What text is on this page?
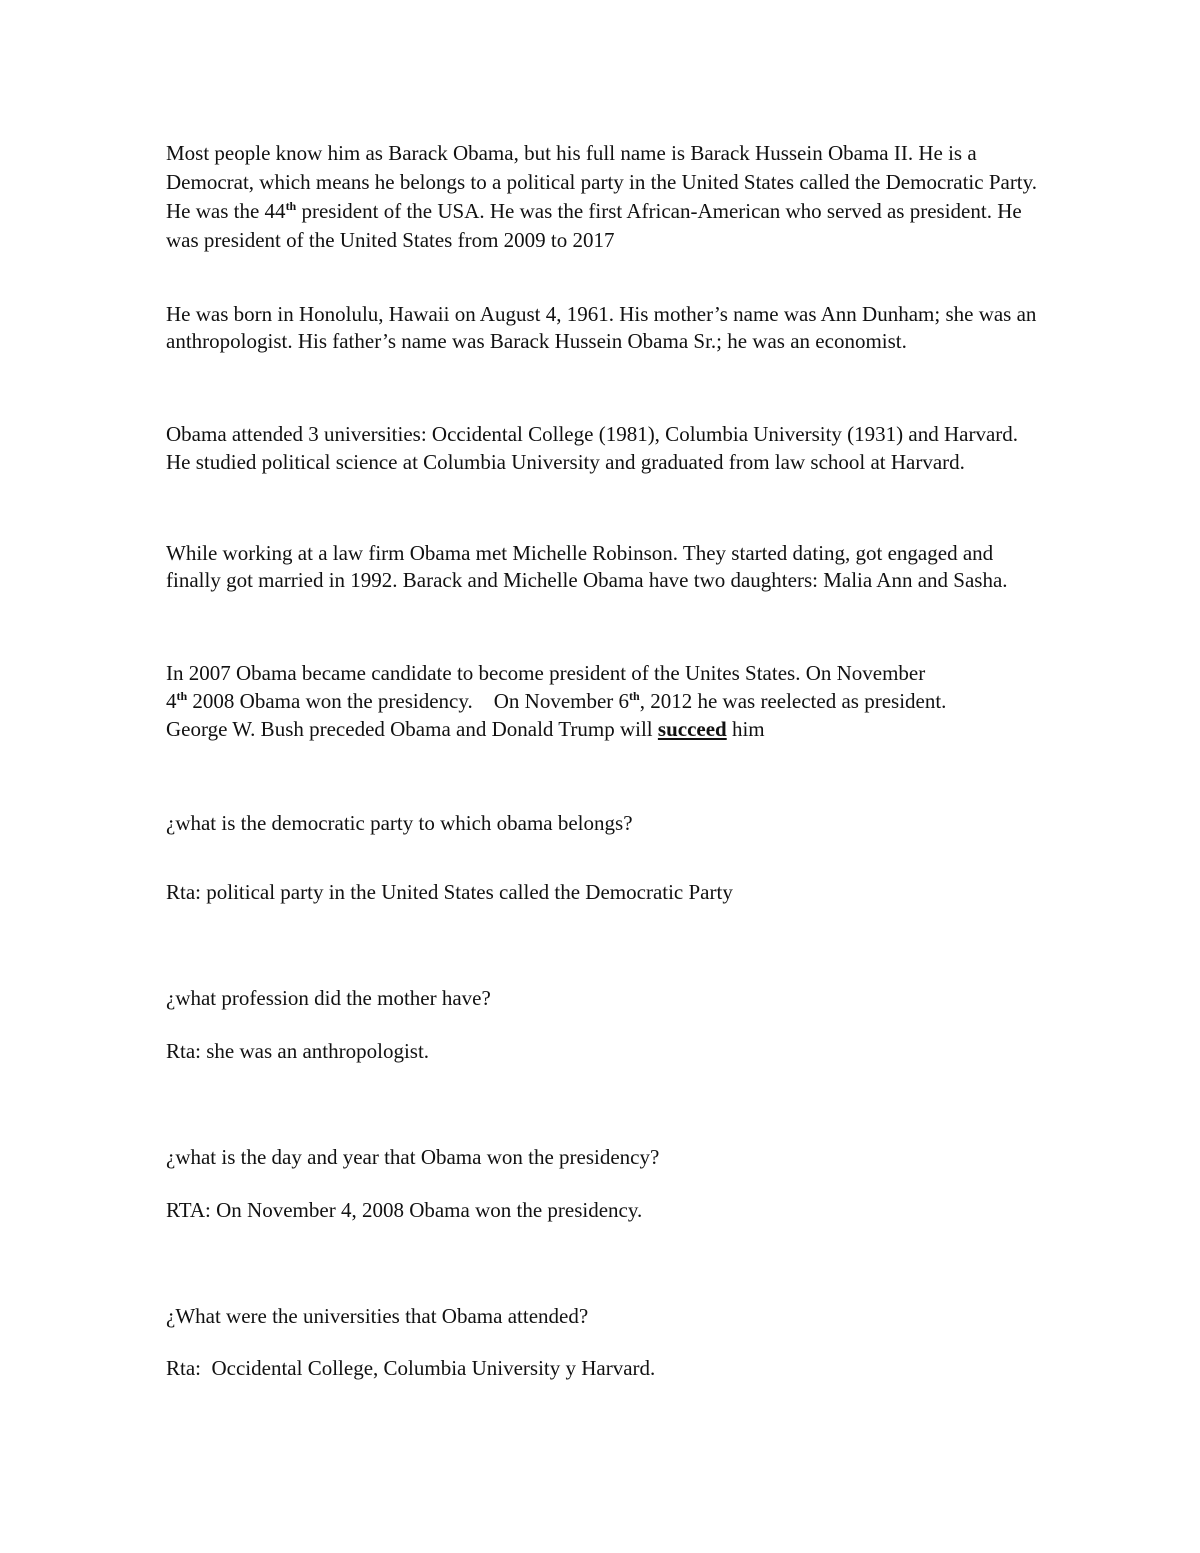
Most people know him as Barack Obama, but his full name is Barack Hussein Obama II. He is a Democrat, which means he belongs to a political party in the United States called the Democratic Party. He was the 44th president of the USA. He was the first African-American who served as president. He was president of the United States from 2009 to 2017

He was born in Honolulu, Hawaii on August 4, 1961. His mother’s name was Ann Dunham; she was an anthropologist. His father’s name was Barack Hussein Obama Sr.; he was an economist.

Obama attended 3 universities: Occidental College (1981), Columbia University (1931) and Harvard. He studied political science at Columbia University and graduated from law school at Harvard.

While working at a law firm Obama met Michelle Robinson. They started dating, got engaged and finally got married in 1992. Barack and Michelle Obama have two daughters: Malia Ann and Sasha.

In 2007 Obama became candidate to become president of the Unites States. On November
4th 2008 Obama won the presidency.    On November 6th, 2012 he was reelected as president.
George W. Bush preceded Obama and Donald Trump will succeed him

¿what is the democratic party to which obama belongs?

Rta: political party in the United States called the Democratic Party

¿what profession did the mother have?

Rta: she was an anthropologist.

¿what is the day and year that Obama won the presidency?

RTA: On November 4, 2008 Obama won the presidency.

¿What were the universities that Obama attended?

Rta:  Occidental College, Columbia University y Harvard.
